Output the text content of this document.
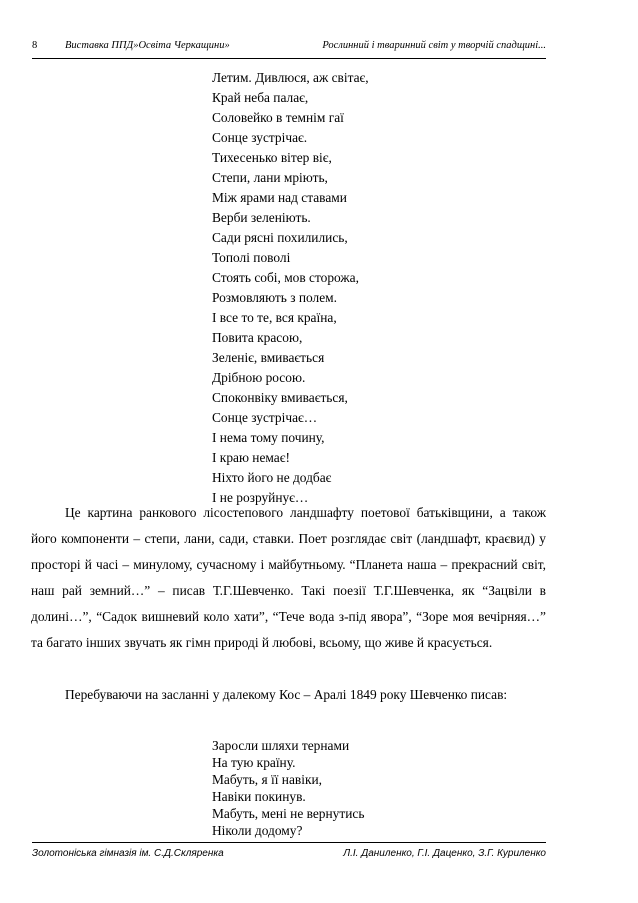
8	Виставка ППД»Освіта Черкащини»	Рослинний і тваринний світ у творчій спадщині...
Летим. Дивлюся, аж світає,
Край неба палає,
Соловейко в темнім гаї
Сонце зустрічає.
Тихесенько вітер віє,
Степи, лани мріють,
Між ярами над ставами
Верби зеленіють.
Сади рясні похилились,
Тополі поволі
Стоять собі, мов сторожа,
Розмовляють з полем.
І все то те, вся країна,
Повита красою,
Зеленіє, вмивається
Дрібною росою.
Споконвіку вмивається,
Сонце зустрічає…
І нема тому почину,
І краю немає!
Ніхто його не додбає
І не розруйнує…

Це картина ранкового лісостепового ландшафту поетової батьківщини, а також його компоненти – степи, лани, сади, ставки. Поет розглядає світ (ландшафт, краєвид) у просторі й часі – минулому, сучасному і майбутньому. “Планета наша – прекрасний світ, наш рай земний…” – писав Т.Г.Шевченко. Такі поезії Т.Г.Шевченка, як “Зацвіли в долині…”, “Садок вишневий коло хати”, “Тече вода з-під явора”, “Зоре моя вечірняя…” та багато інших звучать як гімн природі й любові, всьому, що живе й красується.

Перебуваючи на засланні у далекому Кос – Аралі 1849 року Шевченко писав:

Заросли шляхи тернами
На тую країну.
Мабуть, я її навіки,
Навіки покинув.
Мабуть, мені не вернутись
Ніколи додому?
Золотоніська гімназія ім. С.Д.Скляренка	Л.І. Даниленко, Г.І. Даценко, З.Г. Куриленко
